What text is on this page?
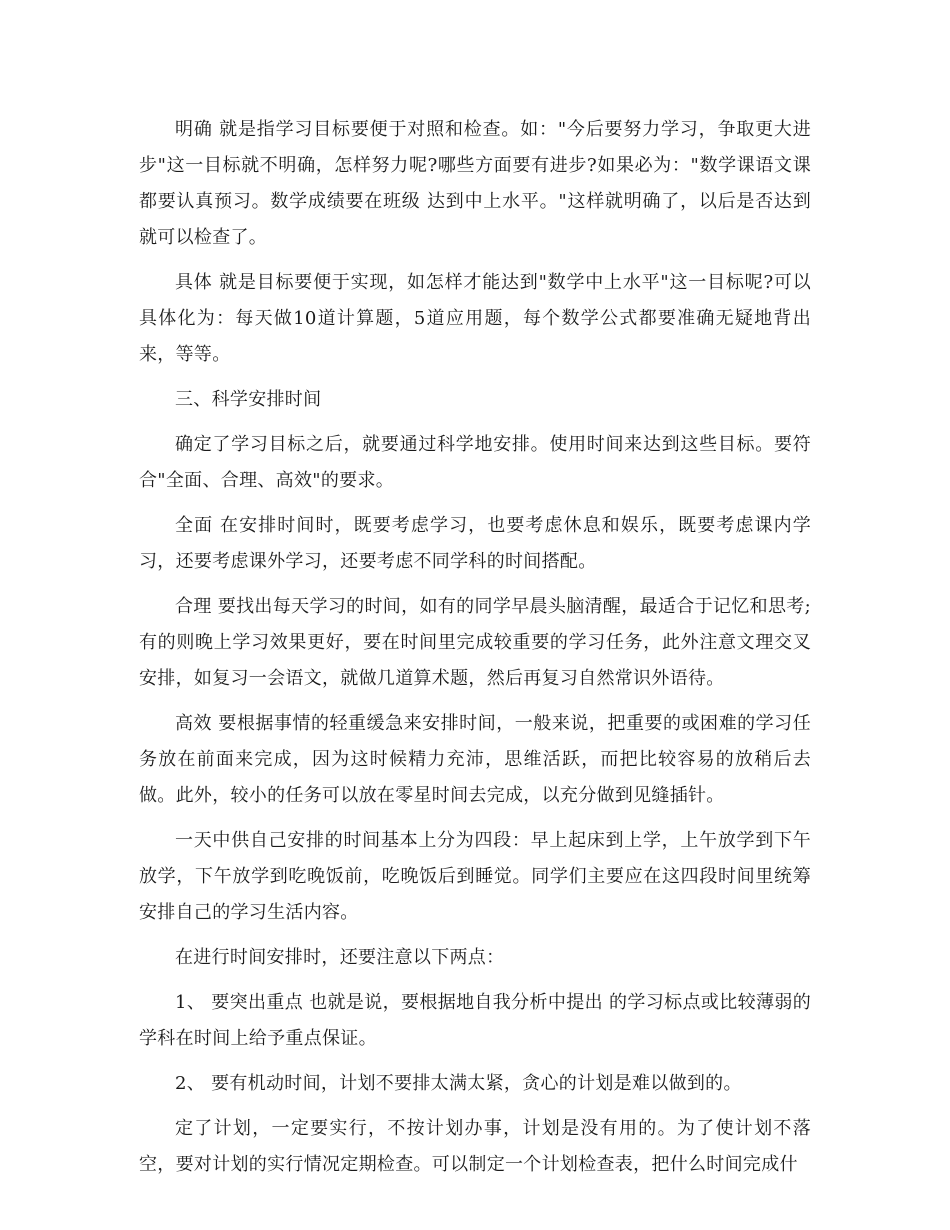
明确 就是指学习目标要便于对照和检查。如："今后要努力学习，争取更大进步"这一目标就不明确，怎样努力呢?哪些方面要有进步?如果必为："数学课语文课都要认真预习。数学成绩要在班级 达到中上水平。"这样就明确了，以后是否达到就可以检查了。

具体 就是目标要便于实现，如怎样才能达到"数学中上水平"这一目标呢?可以具体化为：每天做10道计算题，5道应用题，每个数学公式都要准确无疑地背出来，等等。

三、科学安排时间

确定了学习目标之后，就要通过科学地安排。使用时间来达到这些目标。要符合"全面、合理、高效"的要求。

全面 在安排时间时，既要考虑学习，也要考虑休息和娱乐，既要考虑课内学习，还要考虑课外学习，还要考虑不同学科的时间搭配。

合理 要找出每天学习的时间，如有的同学早晨头脑清醒，最适合于记忆和思考;有的则晚上学习效果更好，要在时间里完成较重要的学习任务，此外注意文理交叉安排，如复习一会语文，就做几道算术题，然后再复习自然常识外语待。

高效 要根据事情的轻重缓急来安排时间，一般来说，把重要的或困难的学习任务放在前面来完成，因为这时候精力充沛，思维活跃，而把比较容易的放稍后去做。此外，较小的任务可以放在零星时间去完成，以充分做到见缝插针。

一天中供自己安排的时间基本上分为四段：早上起床到上学，上午放学到下午放学，下午放学到吃晚饭前，吃晚饭后到睡觉。同学们主要应在这四段时间里统筹安排自己的学习生活内容。

在进行时间安排时，还要注意以下两点：

1、 要突出重点 也就是说，要根据地自我分析中提出 的学习标点或比较薄弱的学科在时间上给予重点保证。

2、 要有机动时间，计划不要排太满太紧，贪心的计划是难以做到的。

定了计划，一定要实行，不按计划办事，计划是没有用的。为了使计划不落空，要对计划的实行情况定期检查。可以制定一个计划检查表，把什么时间完成什
